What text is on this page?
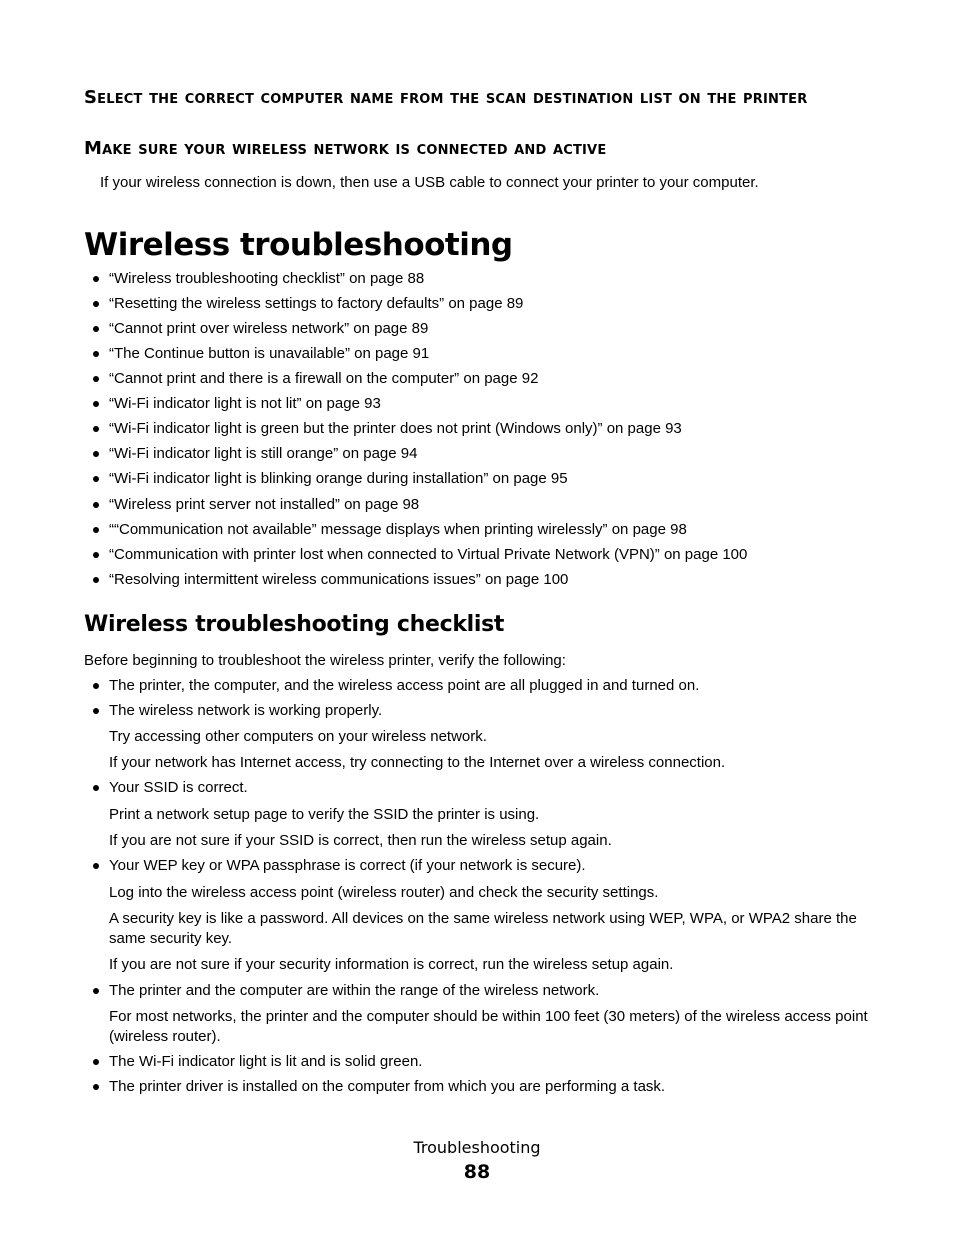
Select the correct computer name from the scan destination list on the printer
Make sure your wireless network is connected and active
If your wireless connection is down, then use a USB cable to connect your printer to your computer.
Wireless troubleshooting
“Wireless troubleshooting checklist” on page 88
“Resetting the wireless settings to factory defaults” on page 89
“Cannot print over wireless network” on page 89
“The Continue button is unavailable” on page 91
“Cannot print and there is a firewall on the computer” on page 92
“Wi‑Fi indicator light is not lit” on page 93
“Wi‑Fi indicator light is green but the printer does not print (Windows only)” on page 93
“Wi‑Fi indicator light is still orange” on page 94
“Wi‑Fi indicator light is blinking orange during installation” on page 95
“Wireless print server not installed” on page 98
““Communication not available” message displays when printing wirelessly” on page 98
“Communication with printer lost when connected to Virtual Private Network (VPN)” on page 100
“Resolving intermittent wireless communications issues” on page 100
Wireless troubleshooting checklist
Before beginning to troubleshoot the wireless printer, verify the following:
The printer, the computer, and the wireless access point are all plugged in and turned on.
The wireless network is working properly.
Try accessing other computers on your wireless network.
If your network has Internet access, try connecting to the Internet over a wireless connection.
Your SSID is correct.
Print a network setup page to verify the SSID the printer is using.
If you are not sure if your SSID is correct, then run the wireless setup again.
Your WEP key or WPA passphrase is correct (if your network is secure).
Log into the wireless access point (wireless router) and check the security settings.
A security key is like a password. All devices on the same wireless network using WEP, WPA, or WPA2 share the same security key.
If you are not sure if your security information is correct, run the wireless setup again.
The printer and the computer are within the range of the wireless network.
For most networks, the printer and the computer should be within 100 feet (30 meters) of the wireless access point (wireless router).
The Wi‑Fi indicator light is lit and is solid green.
The printer driver is installed on the computer from which you are performing a task.
Troubleshooting
88
